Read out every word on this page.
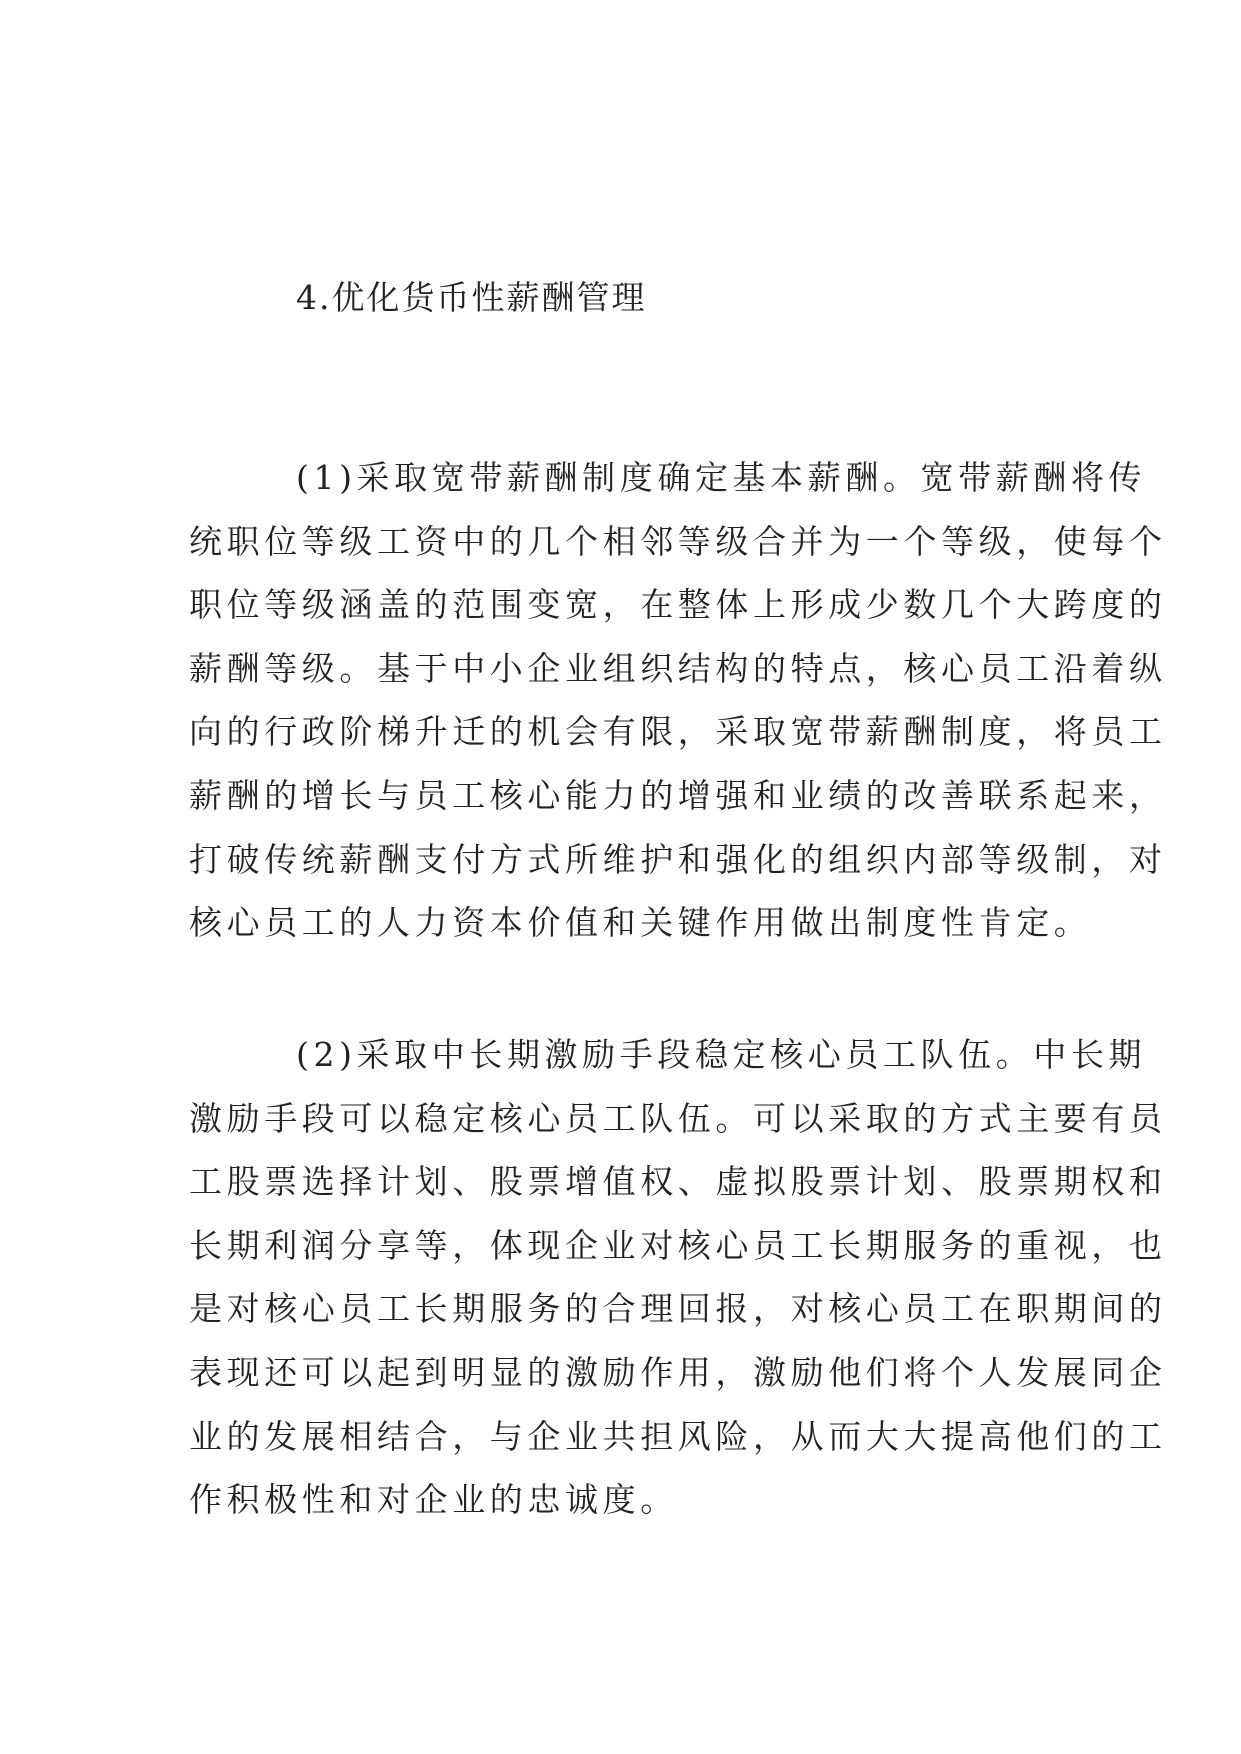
4.优化货币性薪酬管理
(1)采取宽带薪酬制度确定基本薪酬。宽带薪酬将传
统职位等级工资中的几个相邻等级合并为一个等级，使每个
职位等级涵盖的范围变宽，在整体上形成少数几个大跨度的
薪酬等级。基于中小企业组织结构的特点，核心员工沿着纵
向的行政阶梯升迁的机会有限，采取宽带薪酬制度，将员工
薪酬的增长与员工核心能力的增强和业绩的改善联系起来，
打破传统薪酬支付方式所维护和强化的组织内部等级制，对
核心员工的人力资本价值和关键作用做出制度性肯定。
(2)采取中长期激励手段稳定核心员工队伍。中长期
激励手段可以稳定核心员工队伍。可以采取的方式主要有员
工股票选择计划、股票增值权、虚拟股票计划、股票期权和
长期利润分享等，体现企业对核心员工长期服务的重视，也
是对核心员工长期服务的合理回报，对核心员工在职期间的
表现还可以起到明显的激励作用，激励他们将个人发展同企
业的发展相结合，与企业共担风险，从而大大提高他们的工
作积极性和对企业的忠诚度。
